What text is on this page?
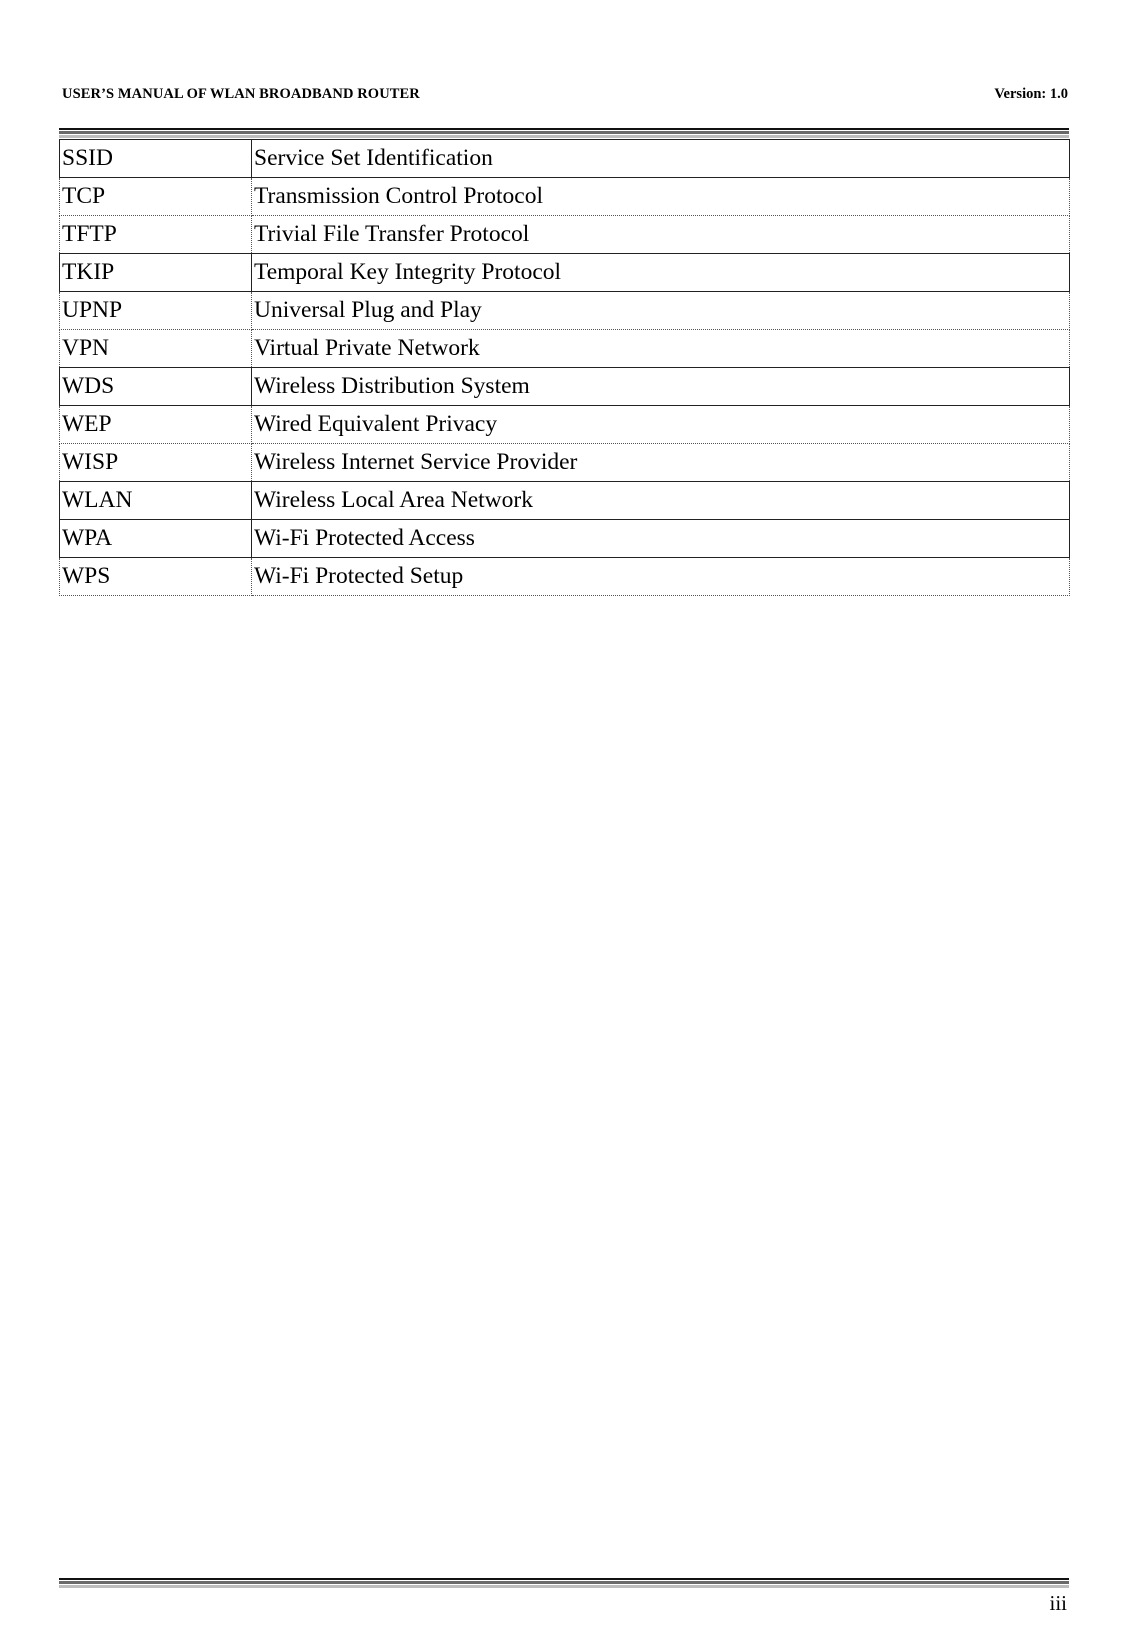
USER’S MANUAL OF WLAN BROADBAND ROUTER	Version: 1.0
SSID	Service Set Identification
TCP	Transmission Control Protocol
TFTP	Trivial File Transfer Protocol
TKIP	Temporal Key Integrity Protocol
UPNP	Universal Plug and Play
VPN	Virtual Private Network
WDS	Wireless Distribution System
WEP	Wired Equivalent Privacy
WISP	Wireless Internet Service Provider
WLAN	Wireless Local Area Network
WPA	Wi-Fi Protected Access
WPS	Wi-Fi Protected Setup
iii
